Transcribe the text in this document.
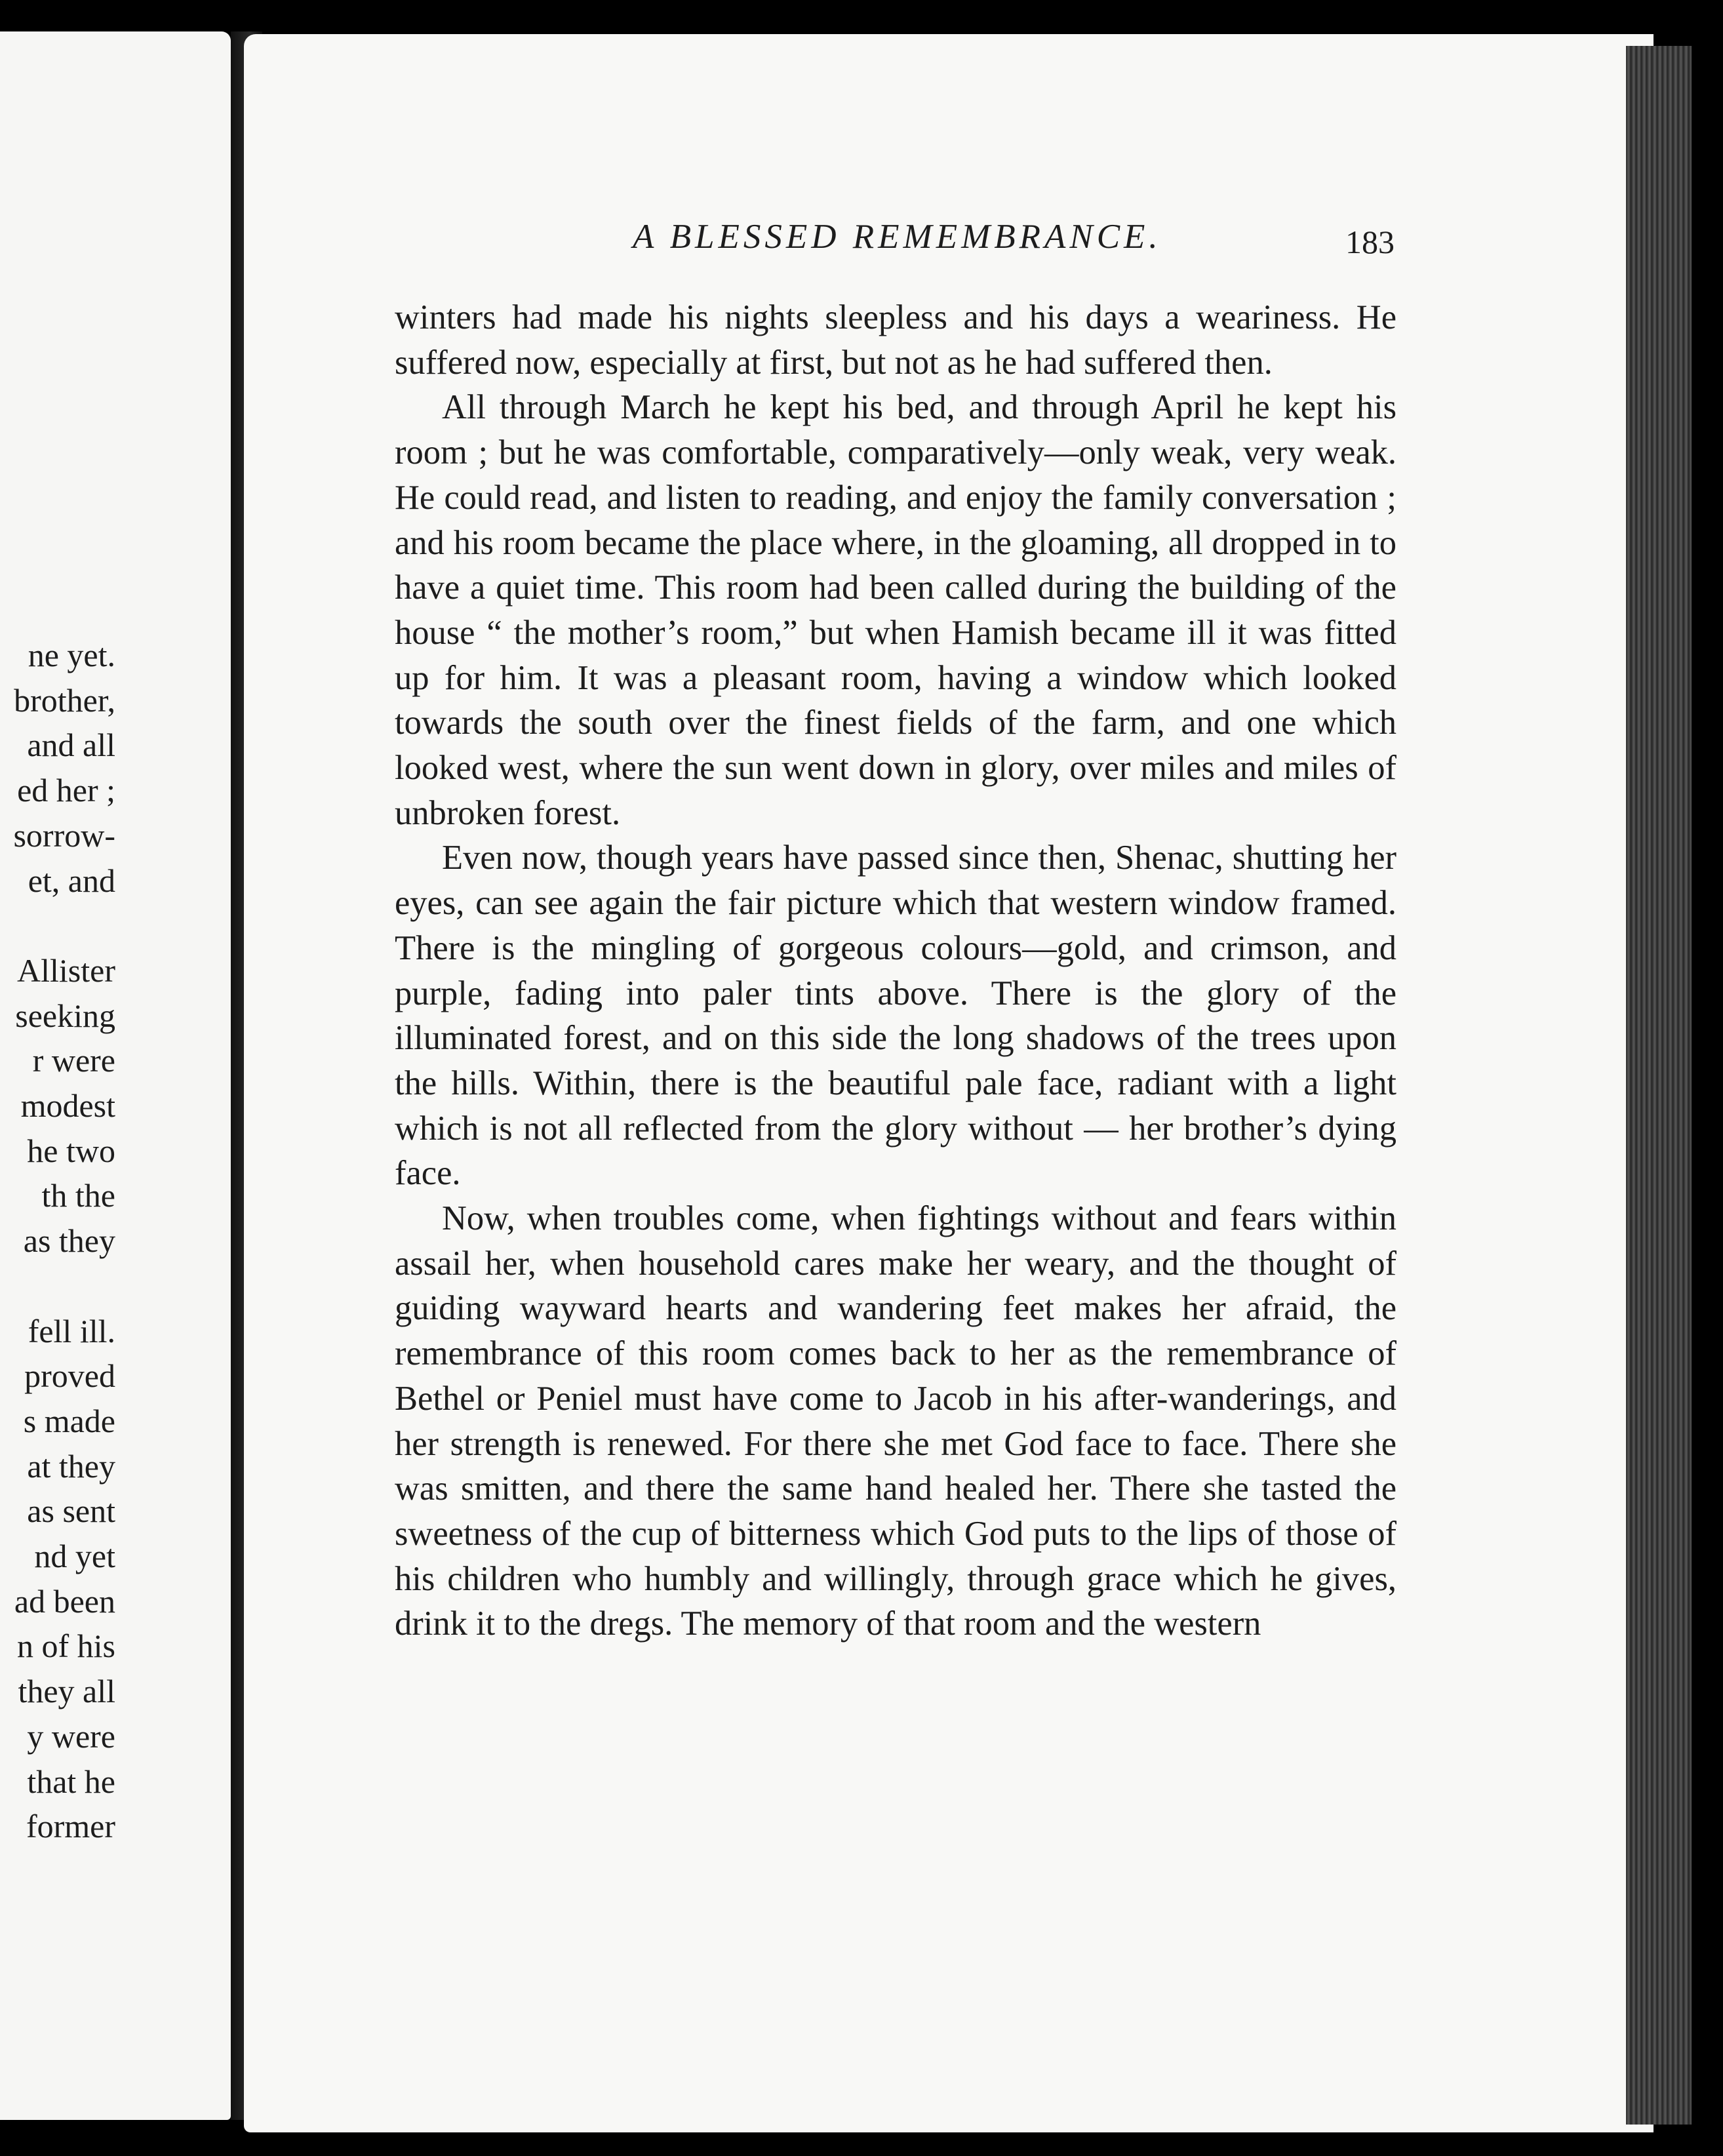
ne yet.
brother,
and all
ed her ;
sorrow-
et, and
Allister
seeking
r were
modest
he two
th the
as they
fell ill.
proved
s made
at they
as sent
nd yet
ad been
n of his
they all
y were
that he
former
A BLESSED REMEMBRANCE.	183

winters had made his nights sleepless and his days a weariness. He suffered now, especially at first, but not as he had suffered then.

All through March he kept his bed, and through April he kept his room ; but he was comfortable, comparatively—only weak, very weak. He could read, and listen to reading, and enjoy the family conversation ; and his room became the place where, in the gloaming, all dropped in to have a quiet time. This room had been called during the building of the house “ the mother’s room,” but when Hamish became ill it was fitted up for him. It was a pleasant room, having a window which looked towards the south over the finest fields of the farm, and one which looked west, where the sun went down in glory, over miles and miles of unbroken forest.

Even now, though years have passed since then, Shenac, shutting her eyes, can see again the fair picture which that western window framed. There is the mingling of gorgeous colours—gold, and crimson, and purple, fading into paler tints above. There is the glory of the illuminated forest, and on this side the long shadows of the trees upon the hills. Within, there is the beautiful pale face, radiant with a light which is not all reflected from the glory without — her brother’s dying face.

Now, when troubles come, when fightings without and fears within assail her, when household cares make her weary, and the thought of guiding wayward hearts and wandering feet makes her afraid, the remembrance of this room comes back to her as the remembrance of Bethel or Peniel must have come to Jacob in his after-wanderings, and her strength is renewed. For there she met God face to face. There she was smitten, and there the same hand healed her. There she tasted the sweetness of the cup of bitterness which God puts to the lips of those of his children who humbly and willingly, through grace which he gives, drink it to the dregs. The memory of that room and the western
